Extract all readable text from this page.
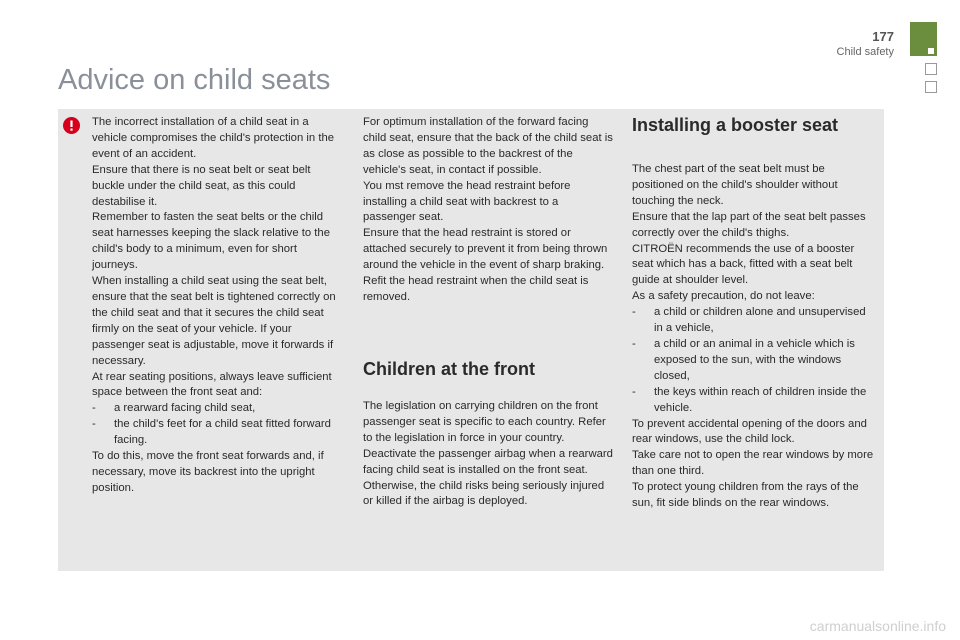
177
Child safety
Advice on child seats

The incorrect installation of a child seat in a vehicle compromises the child's protection in the event of an accident.

Ensure that there is no seat belt or seat belt buckle under the child seat, as this could destabilise it.

Remember to fasten the seat belts or the child seat harnesses keeping the slack relative to the child's body to a minimum, even for short journeys.

When installing a child seat using the seat belt, ensure that the seat belt is tightened correctly on the child seat and that it secures the child seat firmly on the seat of your vehicle. If your passenger seat is adjustable, move it forwards if necessary.

At rear seating positions, always leave sufficient space between the front seat and:

-	a rearward facing child seat,
-	the child's feet for a child seat fitted forward facing.

To do this, move the front seat forwards and, if necessary, move its backrest into the upright position.

For optimum installation of the forward facing child seat, ensure that the back of the child seat is as close as possible to the backrest of the vehicle's seat, in contact if possible.

You mst remove the head restraint before installing a child seat with backrest to a passenger seat.

Ensure that the head restraint is stored or attached securely to prevent it from being thrown around the vehicle in the event of sharp braking. Refit the head restraint when the child seat is removed.

Children at the front

The legislation on carrying children on the front passenger seat is specific to each country. Refer to the legislation in force in your country.

Deactivate the passenger airbag when a rearward facing child seat is installed on the front seat.

Otherwise, the child risks being seriously injured or killed if the airbag is deployed.

Installing a booster seat

The chest part of the seat belt must be positioned on the child's shoulder without touching the neck.

Ensure that the lap part of the seat belt passes correctly over the child's thighs.

CITROËN recommends the use of a booster seat which has a back, fitted with a seat belt guide at shoulder level.

As a safety precaution, do not leave:

-	a child or children alone and unsupervised in a vehicle,
-	a child or an animal in a vehicle which is exposed to the sun, with the windows closed,
-	the keys within reach of children inside the vehicle.

To prevent accidental opening of the doors and rear windows, use the child lock.

Take care not to open the rear windows by more than one third.

To protect young children from the rays of the sun, fit side blinds on the rear windows.

carmanualsonline.info
